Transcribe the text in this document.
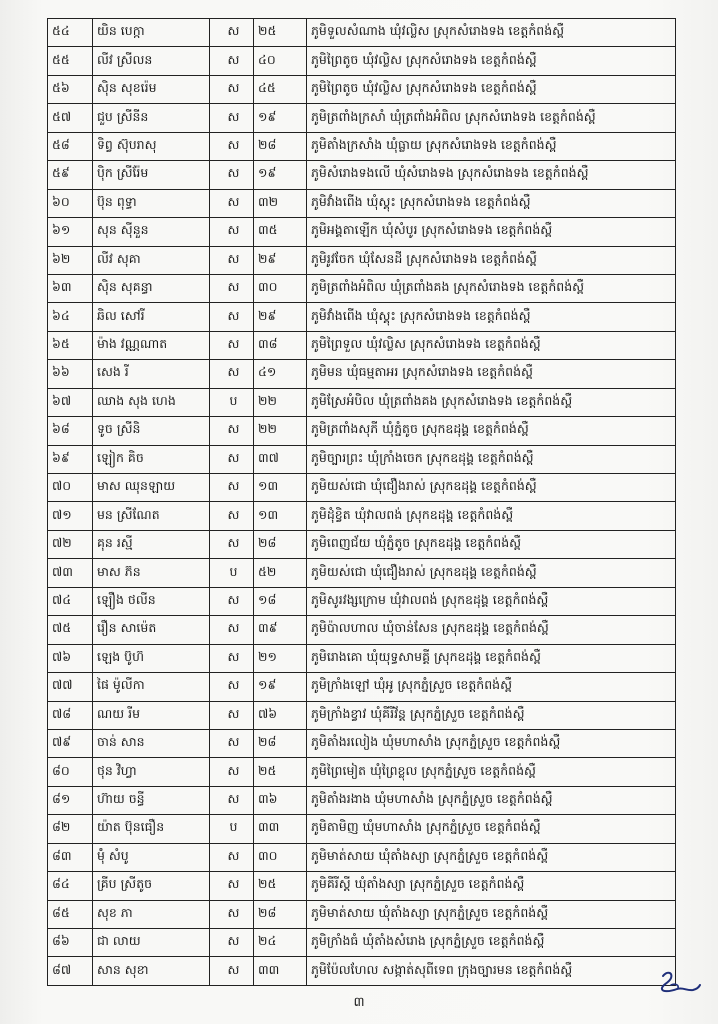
៥៤	យិន បេក្កា	ស	២៥	ភូមិទួលសំណាង ឃុំវល្លិស ស្រុកសំរោងទង ខេត្តកំពង់ស្ពឺ
៥៥	លីវ ស្រីលន	ស	៤០	ភូមិព្រៃតូច ឃុំវល្លិស ស្រុកសំរោងទង ខេត្តកំពង់ស្ពឺ
៥៦	ស៊ិន សុខរ៉េម	ស	៤៥	ភូមិព្រៃតូច ឃុំវល្លិស ស្រុកសំរោងទង ខេត្តកំពង់ស្ពឺ
៥៧	ជួប ស្រីនីន	ស	១៩	ភូមិត្រពាំងក្រសាំ ឃុំត្រពាំងអំពិល ស្រុកសំរោងទង ខេត្តកំពង់ស្ពឺ
៥៨	ទិព្វ ស៊ុបរាសុ	ស	២៨	ភូមិតាំងក្រសាំង ឃុំធ្លាយ ស្រុកសំរោងទង ខេត្តកំពង់ស្ពឺ
៥៩	ប៉ិក ស្រីរ៉ែម	ស	១៩	ភូមិសំរោងទងលើ ឃុំសំរោងទង ស្រុកសំរោងទង ខេត្តកំពង់ស្ពឺ
៦០	ប៊ុន ពុទ្ធា	ស	៣២	ភូមិវាំងពើង ឃុំស្គុះ ស្រុកសំរោងទង ខេត្តកំពង់ស្ពឺ
៦១	សុន ស៊ីនួន	ស	៣៥	ភូមិអង្គតាឡើក ឃុំសំបូរ ស្រុកសំរោងទង ខេត្តកំពង់ស្ពឺ
៦២	លីវ សុគា	ស	២៩	ភូមិរូវចែក ឃុំសែនដី ស្រុកសំរោងទង ខេត្តកំពង់ស្ពឺ
៦៣	ស៊ិន សុគន្ធា	ស	៣០	ភូមិត្រពាំងអំពិល ឃុំត្រពាំងគង ស្រុកសំរោងទង ខេត្តកំពង់ស្ពឺ
៦៤	ឆិល សៅរី	ស	២៩	ភូមិវាំងពើង ឃុំស្គុះ ស្រុកសំរោងទង ខេត្តកំពង់ស្ពឺ
៦៥	ម៉ាង វណ្ណណាត	ស	៣៨	ភូមិព្រៃទួល ឃុំវល្លិស ស្រុកសំរោងទង ខេត្តកំពង់ស្ពឺ
៦៦	សេង រី	ស	៤១	ភូមិមន ឃុំធម្មតាអរ ស្រុកសំរោងទង ខេត្តកំពង់ស្ពឺ
៦៧	ឈាង សុង ហេង	ប	២២	ភូមិស្រែអំបិល ឃុំត្រពាំងគង ស្រុកសំរោងទង ខេត្តកំពង់ស្ពឺ
៦៨	ទូច ស្រីនិ	ស	២២	ភូមិត្រពាំងសុភី ឃុំភ្នំតូច ស្រុកឧដុង្គ ខេត្តកំពង់ស្ពឺ
៦៩	ឡៀក គិច	ស	៣៧	ភូមិច្បារព្រះ ឃុំក្រាំងចេក ស្រុកឧដុង្គ ខេត្តកំពង់ស្ពឺ
៧០	មាស ឈុនឡាយ	ស	១៣	ភូមិយស់ជោ ឃុំជឿងរាស់ ស្រុកឧដុង្គ ខេត្តកំពង់ស្ពឺ
៧១	មន ស្រីណែត	ស	១៣	ភូមិដុំខ្វិត ឃុំវាលពង់ ស្រុកឧដុង្គ ខេត្តកំពង់ស្ពឺ
៧២	គុន រស្មី	ស	២៨	ភូមិពេញជ័យ ឃុំភ្នំតូច ស្រុកឧដុង្គ ខេត្តកំពង់ស្ពឺ
៧៣	មាស ភ៊ន	ប	៥២	ភូមិយស់ជោ ឃុំជឿងរាស់ ស្រុកឧដុង្គ ខេត្តកំពង់ស្ពឺ
៧៤	ឡឿង ថលីន	ស	១៨	ភូមិសូរវង្សក្រោម ឃុំវាលពង់ ស្រុកឧដុង្គ ខេត្តកំពង់ស្ពឺ
៧៥	រឿន សាម៉េត	ស	៣៩	ភូមិប៉ាលហាល ឃុំចាន់សែន ស្រុកឧដុង្គ ខេត្តកំពង់ស្ពឺ
៧៦	ឡេង ប៊ូហ៊	ស	២១	ភូមិរោងគោ ឃុំយុទ្ធសាមគ្គី ស្រុកឧដុង្គ ខេត្តកំពង់ស្ពឺ
៧៧	ផៃ ម៉ូលីកា	ស	១៩	ភូមិក្រាំងឡៅ ឃុំអូ ស្រុកភ្នំស្រួច ខេត្តកំពង់ស្ពឺ
៧៨	ណយ រីម	ស	៧៦	ភូមិក្រាំងខ្វាវ ឃុំគីរីវ័ន្ត ស្រុកភ្នំស្រួច ខេត្តកំពង់ស្ពឺ
៧៩	ចាន់ សាន	ស	២៨	ភូមិតាំងរលៀង ឃុំមហាសាំង ស្រុកភ្នំស្រួច ខេត្តកំពង់ស្ពឺ
៨០	ថុន វិហ្វា	ស	២៥	ភូមិព្រៃមៀត ឃុំព្រៃខ្លុល ស្រុកភ្នំស្រួច ខេត្តកំពង់ស្ពឺ
៨១	ហ៊ាយ ចន្ធី	ស	៣៦	ភូមិតាំងរងាង ឃុំមហាសាំង ស្រុកភ្នំស្រួច ខេត្តកំពង់ស្ពឺ
៨២	យ៉ាត ប៊ុនធឿន	ប	៣៣	ភូមិតាមិញ ឃុំមហាសាំង ស្រុកភ្នំស្រួច ខេត្តកំពង់ស្ពឺ
៨៣	ម៉ុំ សំបូ	ស	៣០	ភូមិមាត់សាយ ឃុំតាំងស្យា ស្រុកភ្នំស្រួច ខេត្តកំពង់ស្ពឺ
៨៤	គ្រីប ស្រីតូច	ស	២៥	ភូមិគីរីស្ដី ឃុំតាំងស្យា ស្រុកភ្នំស្រួច ខេត្តកំពង់ស្ពឺ
៨៥	សុខ ភា	ស	២៨	ភូមិមាត់សាយ ឃុំតាំងស្យា ស្រុកភ្នំស្រួច ខេត្តកំពង់ស្ពឺ
៨៦	ជា លាយ	ស	២៤	ភូមិក្រាំងធំ ឃុំតាំងសំរោង ស្រុកភ្នំស្រួច ខេត្តកំពង់ស្ពឺ
៨៧	សាន សុខា	ស	៣៣	ភូមិប៉ែលហែល សង្កាត់សុពីទេព ក្រុងច្បារមន ខេត្តកំពង់ស្ពឺ
៣
